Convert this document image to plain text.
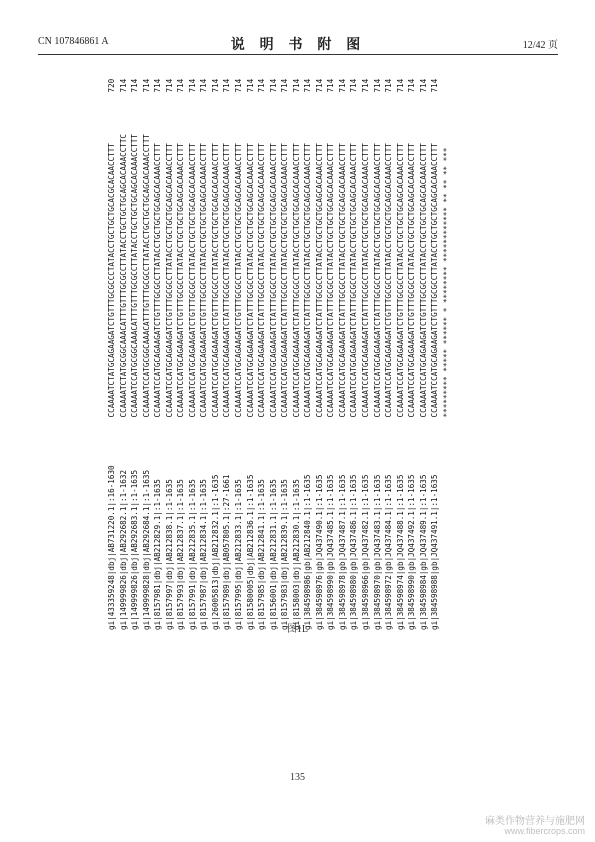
CN 107846861 A	说 明 书 附 图	12/42 页
gi|433359248|dbj|AB731220.1|:16-1630	CCAAAATCTATGCAGAAGATCTGTTTGCGCCCTATACCTGCTGCTGCACGCACAACCTTT	720
gi|149999826|dbj|AB292682.1|:1-1632	CCAAAATCTATGCGGCAAACATTTGTTTGCGCCTTATACCTGCTGCTGCAGCACAAACCTTC	714
gi|149999826|dbj|AB292683.1|:1-1635	CCAAAATCCATGCGGCAAACATTTGTTTGCGCCTTATACCTGCTGCTGCAGCACAAACCTTT	714
gi|149999828|dbj|AB292684.1|:1-1635	CCAAAATCCATGCGGCAAACATTTGTTTGCGCCTTATACCTGCTGCTGCAGCACAAACCTTT	714
gi|8157981|dbj|AB212829.1|:1-1635	CCAAAATCCATGCAGAAGATCTGTTTGCGCCTTATACCTGCTGCTGCAGCACAAACCTTT	714
gi|8157997|dbj|AB212838.1|:1-1635	CCAAAATCCATGCAGAAGATCTGTTTGCGCCTTATACCTGCTGCTGCAGCACAAACCTTT	714
gi|8157993|dbj|AB212837.1|:1-1635	CCAAAATCCATGCAGAAGATCTGTTTGCGCCTTATACCTGCTGCTGCAGCACAAACCTTT	714
gi|8157991|dbj|AB212835.1|:1-1635	CCAAAATCCATGCAGAAGATCTGTTTGCGCCTTATACCTGCTGCTGCAGCACAAACCTTT	714
gi|8157987|dbj|AB212834.1|:1-1635	CCAAAATCCATGCAGAAGATCTGTTTGCGCCTTATACCTGCTGCTGCAGCACAAACCTTT	714
gi|26005813|dbj|AB212832.1|:1-1635	CCAAAATCCATGCAGAAGATCTGTTTGCGCCTTATACCTGCTGCTGCAGCACAAACCTTT	714
gi|8157989|dbj|AB057805.1|:27-1661	CCAAAATCCATGCAGAAGATCTATTTGCGCCTTATACCTGCTGCTGCAGCACAAACCTTT	714
gi|8157995|dbj|AB212833.1|:1-1635	CCAAAATCCATGCAGAAGATCTGTTTGCGCCTTATACCTGCTGCTGCAGCACAAACCTTT	714
gi|81580005|dbj|AB212836.1|:1-1635	CCAAAATCCATGCAGAAGATCTATTTGCGCCTTATACCTGCTGCTGCAGCACAAACCTTT	714
gi|8157985|dbj|AB212841.1|:1-1635	CCAAAATCCATGCAGAAGATCTATTTGCGCCTTATACCTGCTGCTGCAGCACAAACCTTT	714
gi|8156001|dbj|AB212831.1|:1-1635	CCAAAATCCATGCAGAAGATCTATTTGCGCCTTATACCTGCTGCTGCAGCACAAACCTTT	714
gi|8157983|dbj|AB212839.1|:1-1635	CCAAAATCCATGCAGAAGATCTATTTGCGCCTTATACCTGCTGCTGCAGCACAAACCTTT	714
gi|8158003|dbj|AB212830.1|:1-1635	CCAAAATCCATGCAGAAGATCTATTTGCGCCTTATACCTGCTGCTGCAGCACAAACCTTT	714
gi|384598986|gb|AB212840.1|:1-1635	CCAAAATCCATGCAGAAGATCTATTTGCGCCTTATACCTGCTGCTGCAGCACAAACCTTT	714
gi|384598976|gb|JQ437490.1|:1-1635	CCAAAATCCATGCAGAAGATCTATTTGCGCCTTATACCTGCTGCTGCAGCACAAACCTTT	714
gi|384598990|gb|JQ437485.1|:1-1635	CCAAAATCCATGCAGAAGATCTATTTGCGCCTTATACCTGCTGCTGCAGCACAAACCTTT	714
gi|384598978|gb|JQ437487.1|:1-1635	CCAAAATCCATGCAGAAGATCTATTTGCGCCTTATACCTGCTGCTGCAGCACAAACCTTT	714
gi|384598980|gb|JQ437486.1|:1-1635	CCAAAATCCATGCAGAAGATCTATTTGCGCCTTATACCTGCTGCTGCAGCACAAACCTTT	714
gi|384598966|gb|JQ437482.1|:1-1635	CCAAAATCCATGCAGAAGATCTATTTGCGCCTTATACCTGCTGCTGCAGCACAAACCTTT	714
gi|384598970|gb|JQ437483.1|:1-1635	CCAAAATCCATGCAGAAGATCTATTTGCGCCTTATACCTGCTGCTGCAGCACAAACCTTT	714
gi|384598972|gb|JQ437484.1|:1-1635	CCAAAATCCATGCAGAAGATCTGTTTGCGCCTTATACCTGCTGCTGCAGCACAAACCTTT	714
gi|384598974|gb|JQ437488.1|:1-1635	CCAAAATCCATGCAGAAGATCTGTTTGCGCCTTATACCTGCTGCTGCAGCACAAACCTTT	714
gi|384598990|gb|JQ437492.1|:1-1635	CCAAAATCCATGCAGAAGATCTGTTTGCGCCTTATACCTGCTGCTGCAGCACAAACCTTT	714
gi|384598984|gb|JQ437489.1|:1-1635	CCAAAATCCATGCAGAAGATCTGTTTGCGCCTTATACCTGCTGCTGCAGCACAAACCTTT	714
gi|384598988|gb|JQ437491.1|:1-1635	CCAAAATCCATGCAGAAGATCTGTTTGCGCCTTATACCTGCTGCTGCAGCACAAACCTTT	714
	********* ***** ****** * ******** ************ ** ** ** ***	
图1L
135
麻类作物营养与施肥网
www.fibercrops.com
